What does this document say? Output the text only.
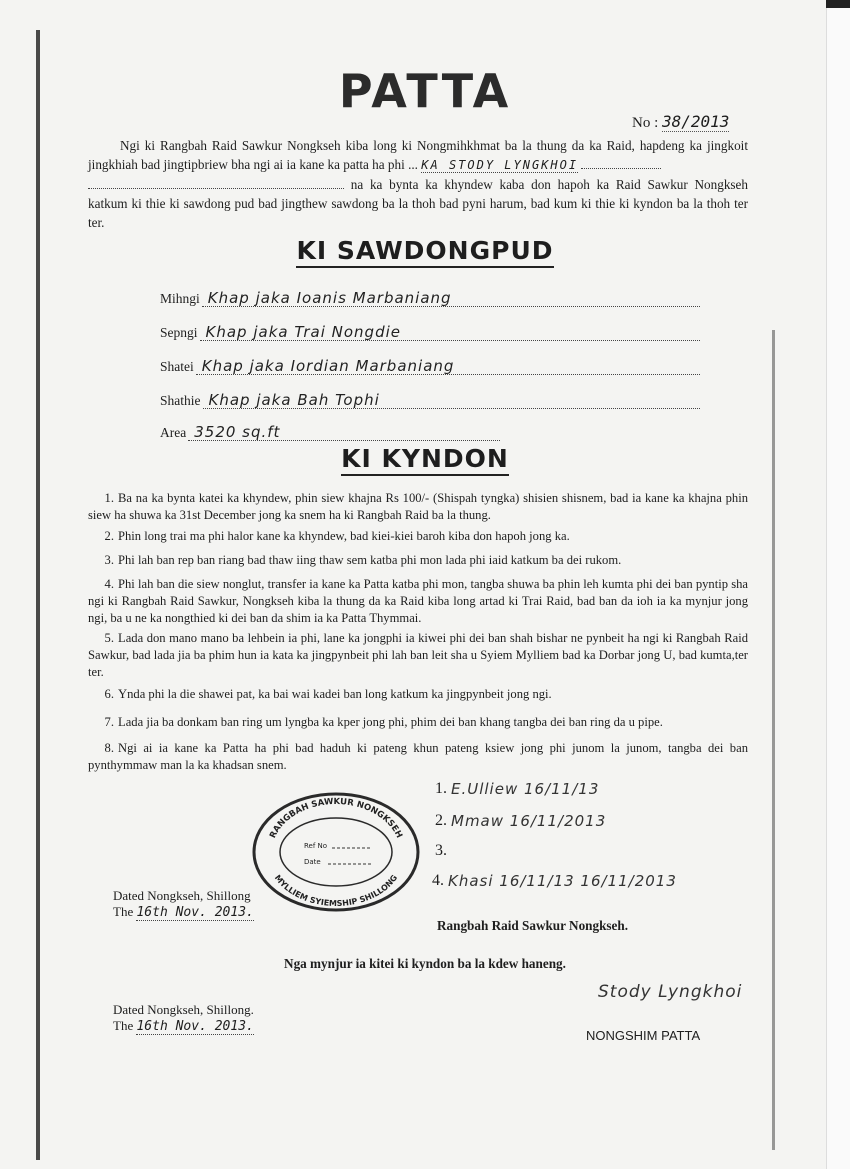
PATTA
No : 38/2013
Ngi ki Rangbah Raid Sawkur Nongkseh kiba long ki Nongmihkhmat ba la thung da ka Raid, hapdeng ka jingkoit jingkhiah bad jingtipbriew bha ngi ai ia kane ka patta ha phi ... KA STODY LYNGKHOI
na ka bynta ka khyndew kaba don hapoh ka Raid Sawkur Nongkseh katkum ki thie ki sawdong pud bad jingthew sawdong ba la thoh bad pyni harum, bad kum ki thie ki kyndon ba la thoh ter ter.
KI SAWDONGPUD
Mihngi Khap jaka Ioanis Marbaniang
Sepngi Khap jaka Trai Nongdie
Shatei Khap jaka Iordian Marbaniang
Shathie Khap jaka Bah Tophi
Area 3520 sq.ft
KI KYNDON
1. Ba na ka bynta katei ka khyndew, phin siew khajna Rs 100/- (Shispah tyngka) shisien shisnem, bad ia kane ka khajna phin siew ha shuwa ka 31st December jong ka snem ha ki Rangbah Raid ba la thung.
2. Phin long trai ma phi halor kane ka khyndew, bad kiei-kiei baroh kiba don hapoh jong ka.
3. Phi lah ban rep ban riang bad thaw iing thaw sem katba phi mon lada phi iaid katkum ba dei rukom.
4. Phi lah ban die siew nonglut, transfer ia kane ka Patta katba phi mon, tangba shuwa ba phin leh kumta phi dei ban pyntip sha ngi ki Rangbah Raid Sawkur, Nongkseh kiba la thung da ka Raid kiba long artad ki Trai Raid, bad ban da ioh ia ka mynjur jong ngi, ba u ne ka nongthied ki dei ban da shim ia ka Patta Thymmai.
5. Lada don mano mano ba lehbein ia phi, lane ka jongphi ia kiwei phi dei ban shah bishar ne pynbeit ha ngi ki Rangbah Raid Sawkur, bad lada jia ba phim hun ia kata ka jingpynbeit phi lah ban leit sha u Syiem Mylliem bad ka Dorbar jong U, bad kumta,ter ter.
6. Ynda phi la die shawei pat, ka bai wai kadei ban long katkum ka jingpynbeit jong ngi.
7. Lada jia ba donkam ban ring um lyngba ka kper jong phi, phim dei ban khang tangba dei ban ring da u pipe.
8. Ngi ai ia kane ka Patta ha phi bad haduh ki pateng khun pateng ksiew jong phi junom la junom, tangba dei ban pynthymmaw man la ka khadsan snem.
1. E.Ulliew 16/11/13
2. Mmaw 16/11/2013
3.
4. Khasi 16/11/13 16/11/2013
RANGBAH SAWKUR NONGKSEH
MYLLIEM SYIEMSHIP SHILLONG
Ref No
Date
Dated Nongkseh, Shillong
The 16th Nov. 2013.
Rangbah Raid Sawkur Nongkseh.
Nga mynjur ia kitei ki kyndon ba la kdew haneng.
Dated Nongkseh, Shillong.
The 16th Nov. 2013.
Stody Lyngkhoi
NONGSHIM PATTA
